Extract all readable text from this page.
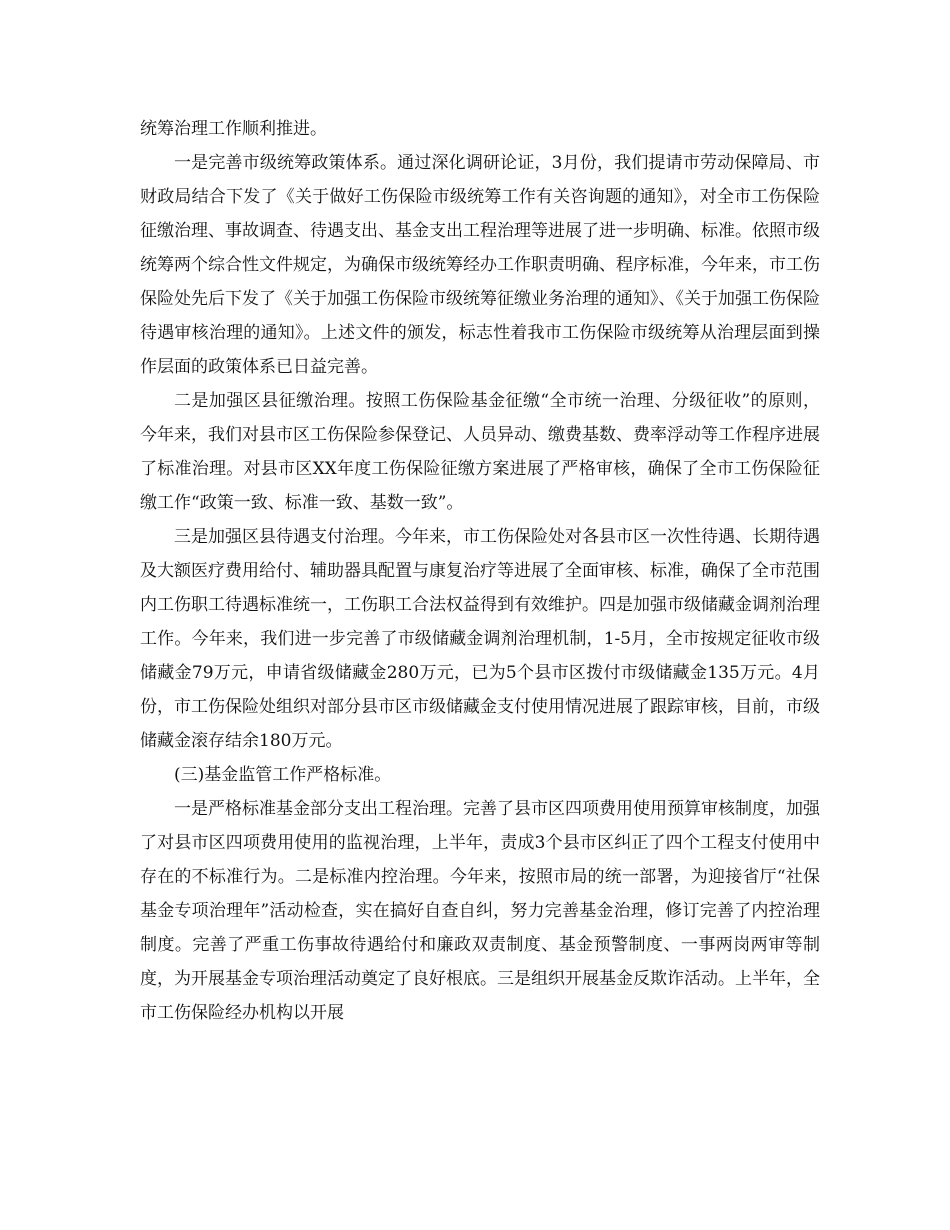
统筹治理工作顺利推进。

一是完善市级统筹政策体系。通过深化调研论证，3月份，我们提请市劳动保障局、市财政局结合下发了《关于做好工伤保险市级统筹工作有关咨询题的通知》，对全市工伤保险征缴治理、事故调查、待遇支出、基金支出工程治理等进展了进一步明确、标准。依照市级统筹两个综合性文件规定，为确保市级统筹经办工作职责明确、程序标准，今年来，市工伤保险处先后下发了《关于加强工伤保险市级统筹征缴业务治理的通知》、《关于加强工伤保险待遇审核治理的通知》。上述文件的颁发，标志性着我市工伤保险市级统筹从治理层面到操作层面的政策体系已日益完善。

二是加强区县征缴治理。按照工伤保险基金征缴“全市统一治理、分级征收”的原则，今年来，我们对县市区工伤保险参保登记、人员异动、缴费基数、费率浮动等工作程序进展了标准治理。对县市区XX年度工伤保险征缴方案进展了严格审核，确保了全市工伤保险征缴工作“政策一致、标准一致、基数一致”。

三是加强区县待遇支付治理。今年来，市工伤保险处对各县市区一次性待遇、长期待遇及大额医疗费用给付、辅助器具配置与康复治疗等进展了全面审核、标准，确保了全市范围内工伤职工待遇标准统一，工伤职工合法权益得到有效维护。四是加强市级储藏金调剂治理工作。今年来，我们进一步完善了市级储藏金调剂治理机制，1-5月，全市按规定征收市级储藏金79万元，申请省级储藏金280万元，已为5个县市区拨付市级储藏金135万元。4月份，市工伤保险处组织对部分县市区市级储藏金支付使用情况进展了跟踪审核，目前，市级储藏金滚存结余180万元。

(三)基金监管工作严格标准。

一是严格标准基金部分支出工程治理。完善了县市区四项费用使用预算审核制度，加强了对县市区四项费用使用的监视治理，上半年，责成3个县市区纠正了四个工程支付使用中存在的不标准行为。二是标准内控治理。今年来，按照市局的统一部署，为迎接省厅“社保基金专项治理年”活动检查，实在搞好自查自纠，努力完善基金治理，修订完善了内控治理制度。完善了严重工伤事故待遇给付和廉政双责制度、基金预警制度、一事两岗两审等制度，为开展基金专项治理活动奠定了良好根底。三是组织开展基金反欺诈活动。上半年，全市工伤保险经办机构以开展
